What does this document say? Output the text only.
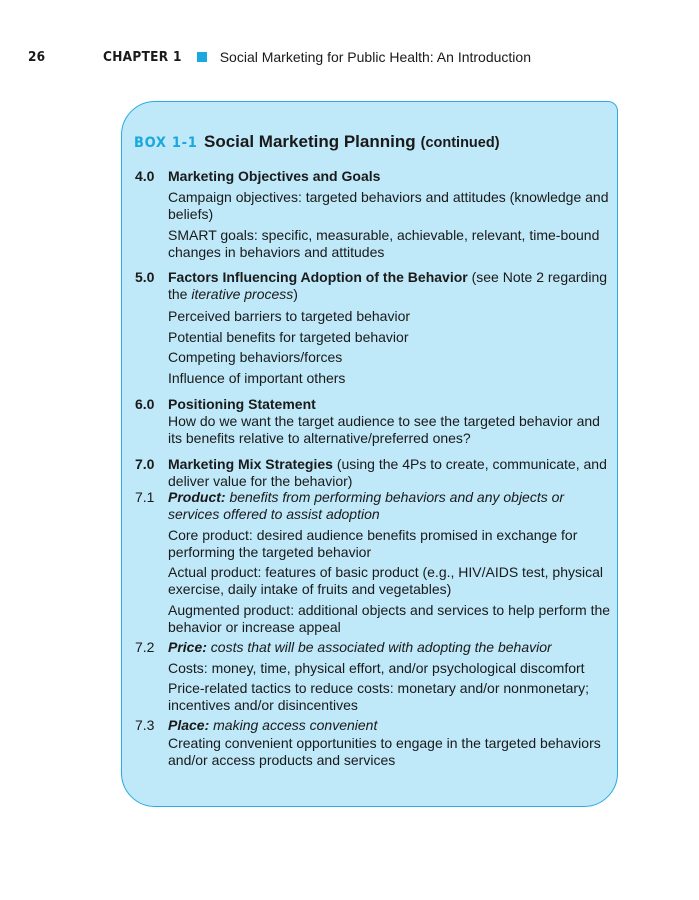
26	CHAPTER 1	Social Marketing for Public Health: An Introduction
BOX 1-1 Social Marketing Planning (continued)
4.0 Marketing Objectives and Goals
Campaign objectives: targeted behaviors and attitudes (knowledge and beliefs)
SMART goals: specific, measurable, achievable, relevant, time-bound changes in behaviors and attitudes
5.0 Factors Influencing Adoption of the Behavior (see Note 2 regarding the iterative process)
Perceived barriers to targeted behavior
Potential benefits for targeted behavior
Competing behaviors/forces
Influence of important others
6.0 Positioning Statement
How do we want the target audience to see the targeted behavior and its benefits relative to alternative/preferred ones?
7.0 Marketing Mix Strategies (using the 4Ps to create, communicate, and deliver value for the behavior)
7.1 Product: benefits from performing behaviors and any objects or services offered to assist adoption
Core product: desired audience benefits promised in exchange for performing the targeted behavior
Actual product: features of basic product (e.g., HIV/AIDS test, physical exercise, daily intake of fruits and vegetables)
Augmented product: additional objects and services to help perform the behavior or increase appeal
7.2 Price: costs that will be associated with adopting the behavior
Costs: money, time, physical effort, and/or psychological discomfort
Price-related tactics to reduce costs: monetary and/or nonmonetary; incentives and/or disincentives
7.3 Place: making access convenient
Creating convenient opportunities to engage in the targeted behaviors and/or access products and services
